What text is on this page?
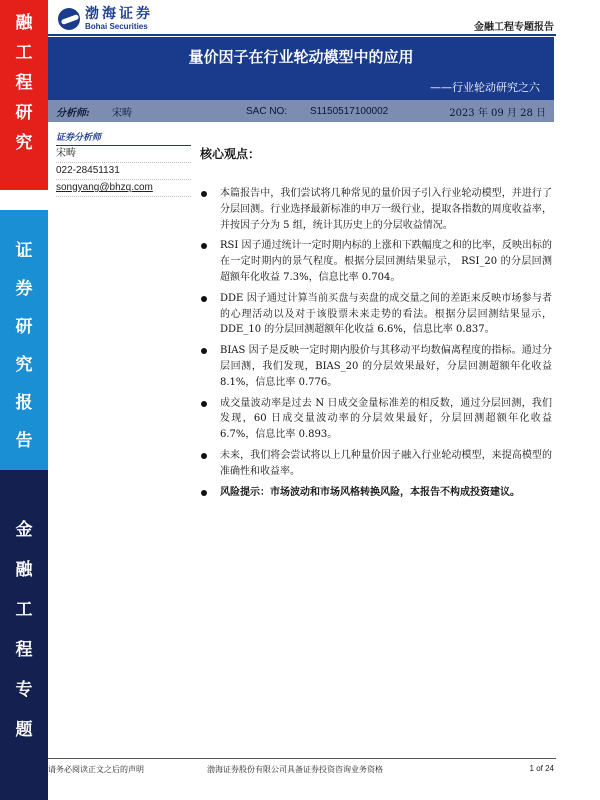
融
工
程
研
究
证
券
研
究
报
告
金
融
工
程
专
题
渤海证券
Bohai Securities	金融工程专题报告
量价因子在行业轮动模型中的应用
——行业轮动研究之六
分析师: 宋畴	SAC NO: S1150517100002	2023 年 09 月 28 日
证券分析师
宋畴
022-28451131
songyang@bhzq.com
核心观点：
本篇报告中，我们尝试将几种常见的量价因子引入行业轮动模型，并进行了分层回测。行业选择最新标准的申万一级行业，提取各指数的周度收益率，并按因子分为 5 组，统计其历史上的分层收益情况。
RSI 因子通过统计一定时期内标的上涨和下跌幅度之和的比率，反映出标的在一定时期内的景气程度。根据分层回测结果显示， RSI_20 的分层回测超额年化收益 7.3%，信息比率 0.704。
DDE 因子通过计算当前买盘与卖盘的成交量之间的差距来反映市场参与者的心理活动以及对于该股票未来走势的看法。根据分层回测结果显示， DDE_10 的分层回测超额年化收益 6.6%，信息比率 0.837。
BIAS 因子是反映一定时期内股价与其移动平均数偏离程度的指标。通过分层回测，我们发现，BIAS_20 的分层效果最好，分层回测超额年化收益 8.1%，信息比率 0.776。
成交量波动率是过去 N 日成交金量标准差的相反数，通过分层回测，我们发现，60 日成交量波动率的分层效果最好，分层回测超额年化收益 6.7%，信息比率 0.893。
未来，我们将会尝试将以上几种量价因子融入行业轮动模型，来提高模型的准确性和收益率。
风险提示：市场波动和市场风格转换风险，本报告不构成投资建议。
请务必阅读正文之后的声明	渤海证券股份有限公司具备证券投资咨询业务资格	1 of 24
